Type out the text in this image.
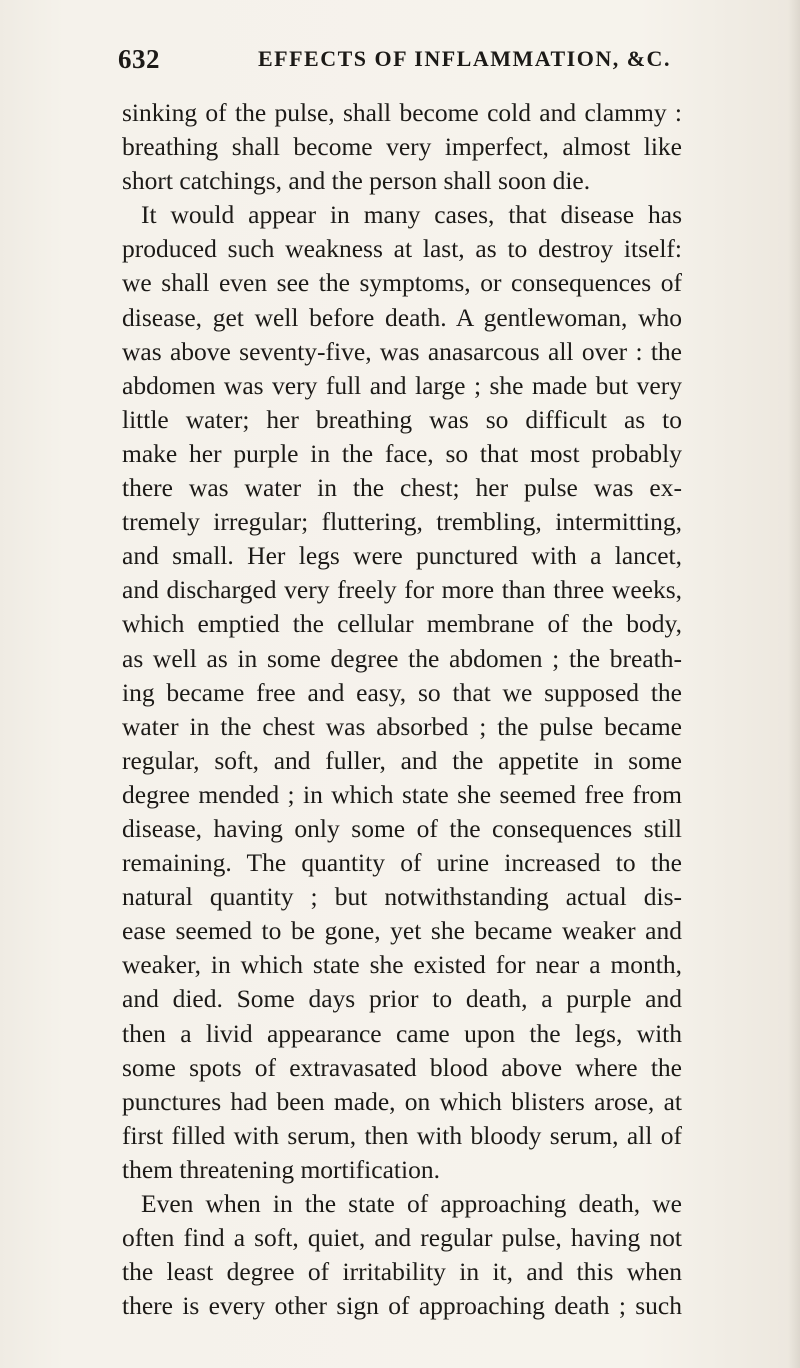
632	EFFECTS OF INFLAMMATION, &C.
sinking of the pulse, shall become cold and clammy :
breathing shall become very imperfect, almost like
short catchings, and the person shall soon die.
It would appear in many cases, that disease has
produced such weakness at last, as to destroy itself:
we shall even see the symptoms, or consequences of
disease, get well before death. A gentlewoman, who
was above seventy-five, was anasarcous all over : the
abdomen was very full and large ; she made but very
little water; her breathing was so difficult as to
make her purple in the face, so that most probably
there was water in the chest; her pulse was ex-
tremely irregular; fluttering, trembling, intermitting,
and small. Her legs were punctured with a lancet,
and discharged very freely for more than three weeks,
which emptied the cellular membrane of the body,
as well as in some degree the abdomen ; the breath-
ing became free and easy, so that we supposed the
water in the chest was absorbed ; the pulse became
regular, soft, and fuller, and the appetite in some
degree mended ; in which state she seemed free from
disease, having only some of the consequences still
remaining. The quantity of urine increased to the
natural quantity ; but notwithstanding actual dis-
ease seemed to be gone, yet she became weaker and
weaker, in which state she existed for near a month,
and died. Some days prior to death, a purple and
then a livid appearance came upon the legs, with
some spots of extravasated blood above where the
punctures had been made, on which blisters arose, at
first filled with serum, then with bloody serum, all of
them threatening mortification.
Even when in the state of approaching death, we
often find a soft, quiet, and regular pulse, having not
the least degree of irritability in it, and this when
there is every other sign of approaching death ; such
